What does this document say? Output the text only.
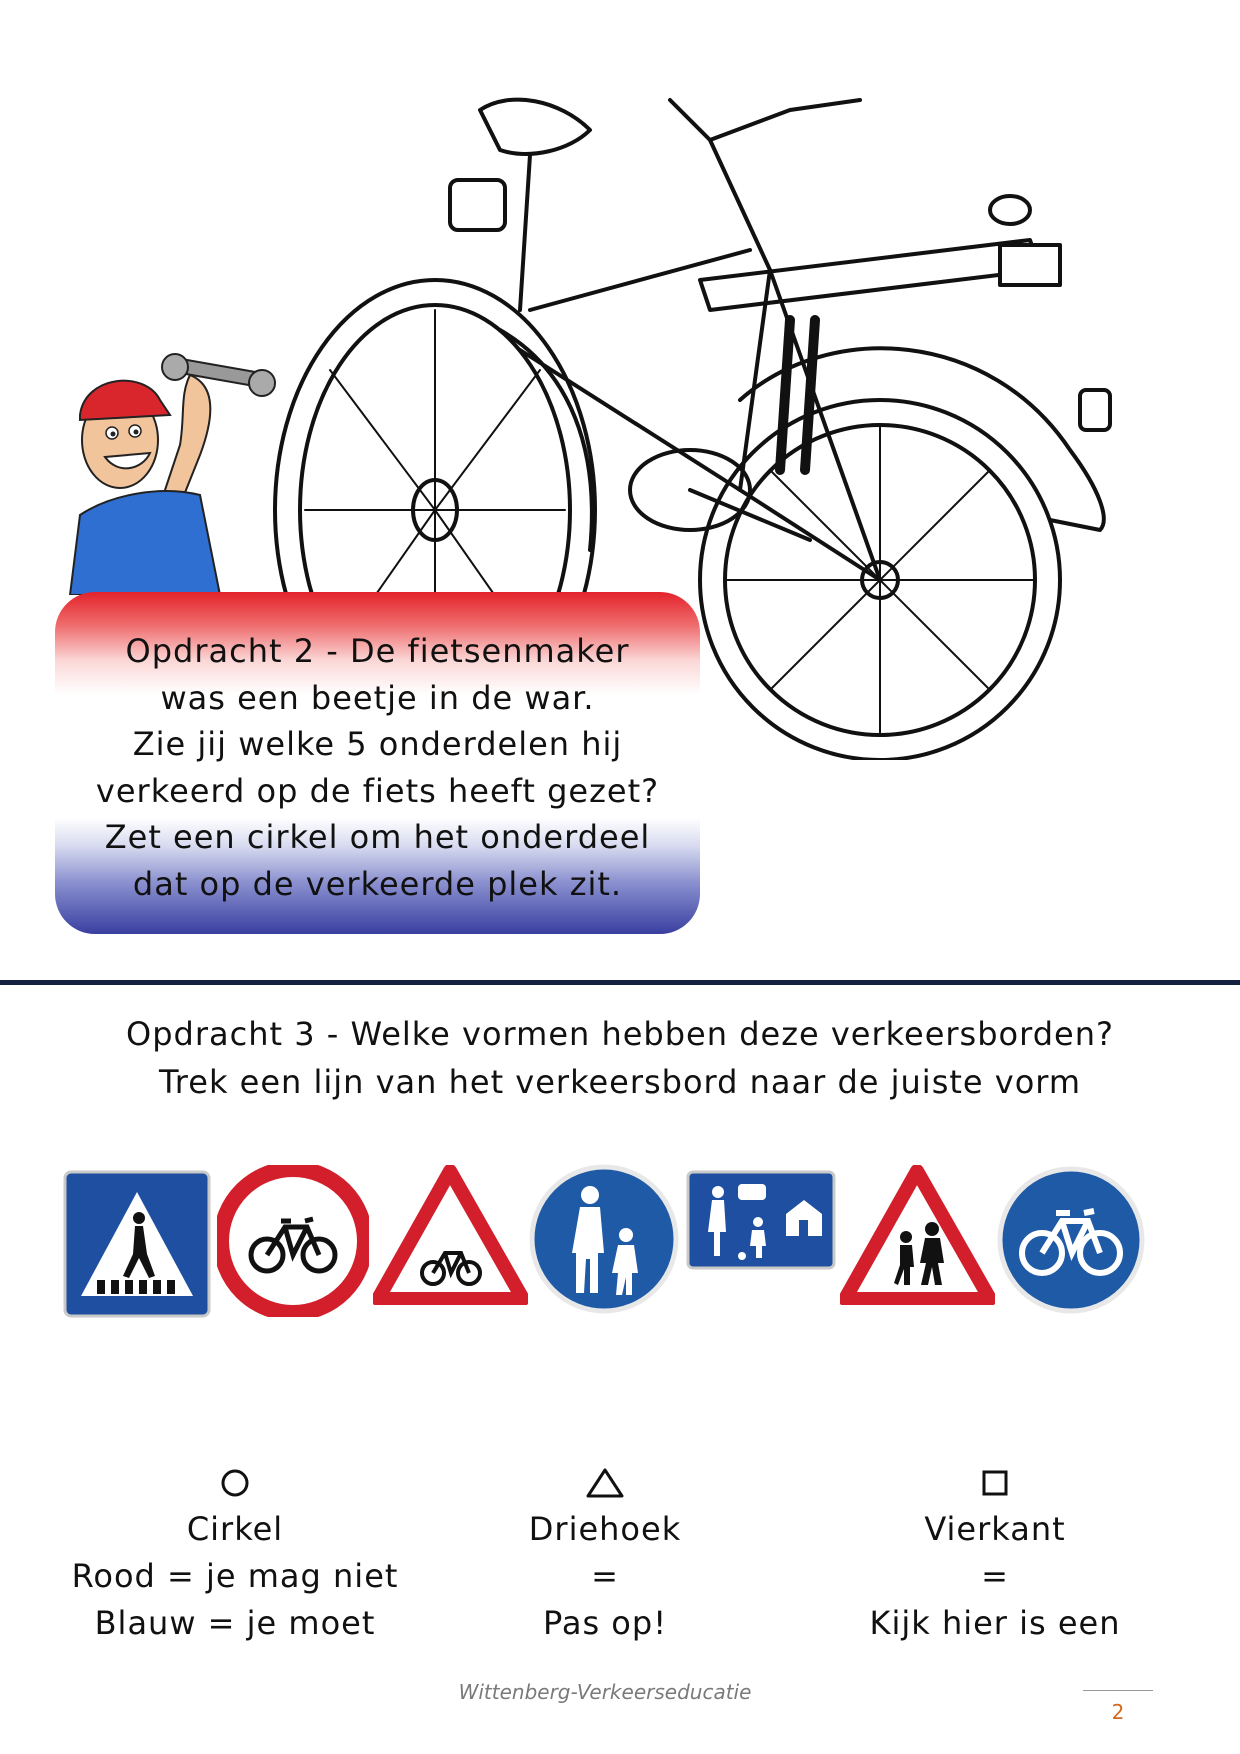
Opdracht 2 - De fietsenmaker
was een beetje in de war.
Zie jij welke 5 onderdelen hij
verkeerd op de fiets heeft gezet?
Zet een cirkel om het onderdeel
dat op de verkeerde plek zit.
Opdracht 3 - Welke vormen hebben deze verkeersborden?
Trek een lijn van het verkeersbord naar de juiste vorm
Cirkel
Rood = je mag niet
Blauw = je moet
Driehoek
=
Pas op!
Vierkant
=
Kijk hier is een
Wittenberg-Verkeerseducatie
2
